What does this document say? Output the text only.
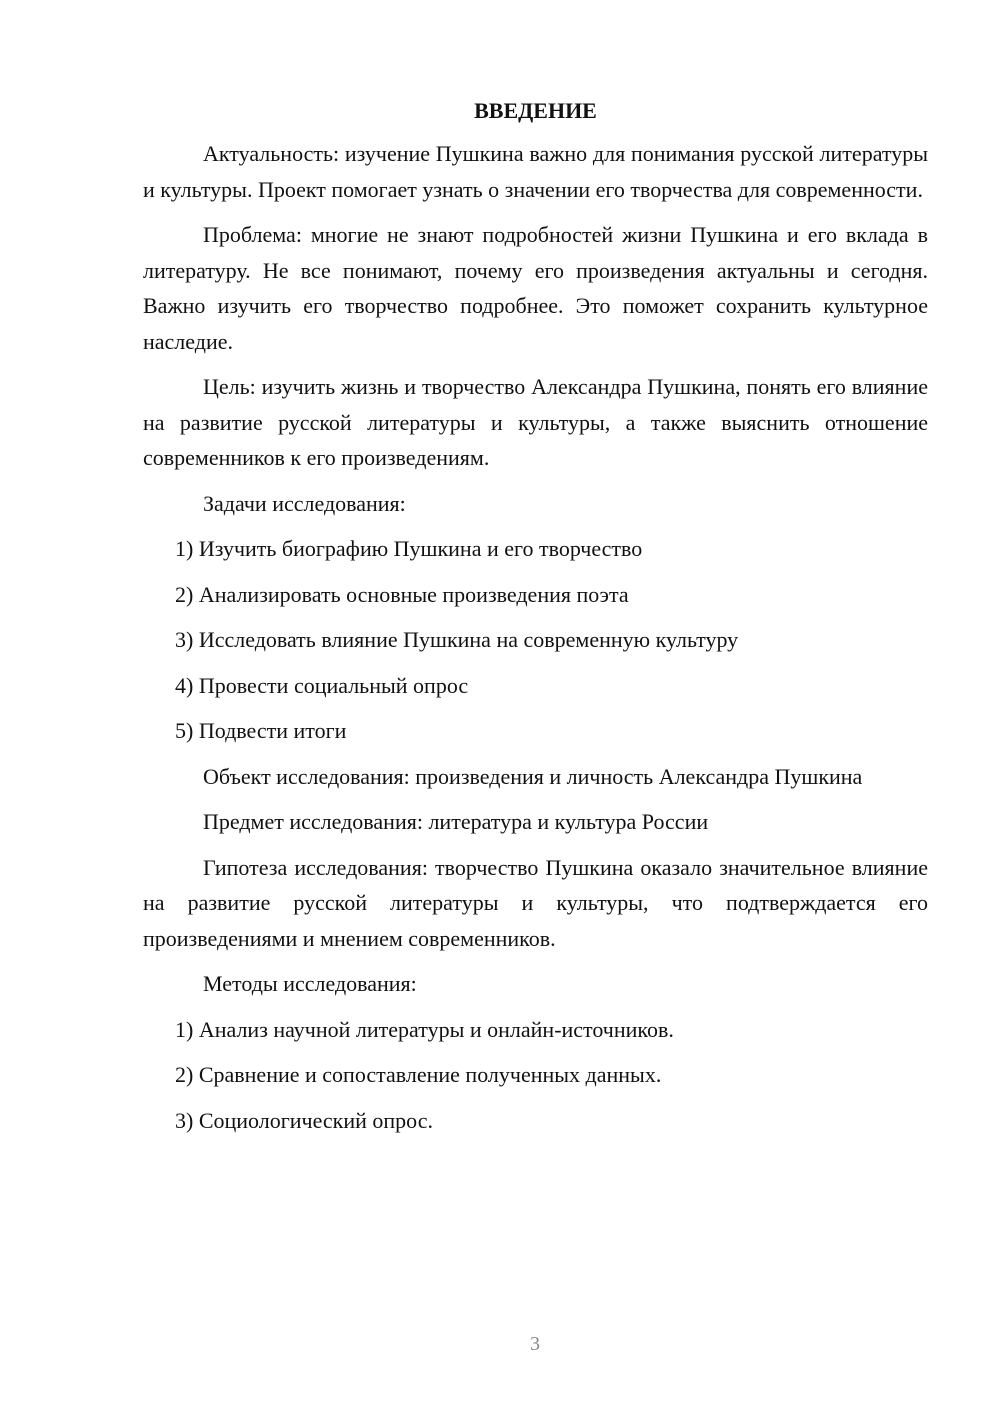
ВВЕДЕНИЕ

Актуальность: изучение Пушкина важно для понимания русской литературы и культуры. Проект помогает узнать о значении его творчества для современности.

Проблема: многие не знают подробностей жизни Пушкина и его вклада в литературу. Не все понимают, почему его произведения актуальны и сегодня. Важно изучить его творчество подробнее. Это поможет сохранить культурное наследие.

Цель: изучить жизнь и творчество Александра Пушкина, понять его влияние на развитие русской литературы и культуры, а также выяснить отношение современников к его произведениям.

Задачи исследования:

1) Изучить биографию Пушкина и его творчество
2) Анализировать основные произведения поэта
3) Исследовать влияние Пушкина на современную культуру
4) Провести социальный опрос
5) Подвести итоги

Объект исследования: произведения и личность Александра Пушкина

Предмет исследования: литература и культура России

Гипотеза исследования: творчество Пушкина оказало значительное влияние на развитие русской литературы и культуры, что подтверждается его произведениями и мнением современников.

Методы исследования:

1) Анализ научной литературы и онлайн-источников.
2) Сравнение и сопоставление полученных данных.
3) Социологический опрос.
3
